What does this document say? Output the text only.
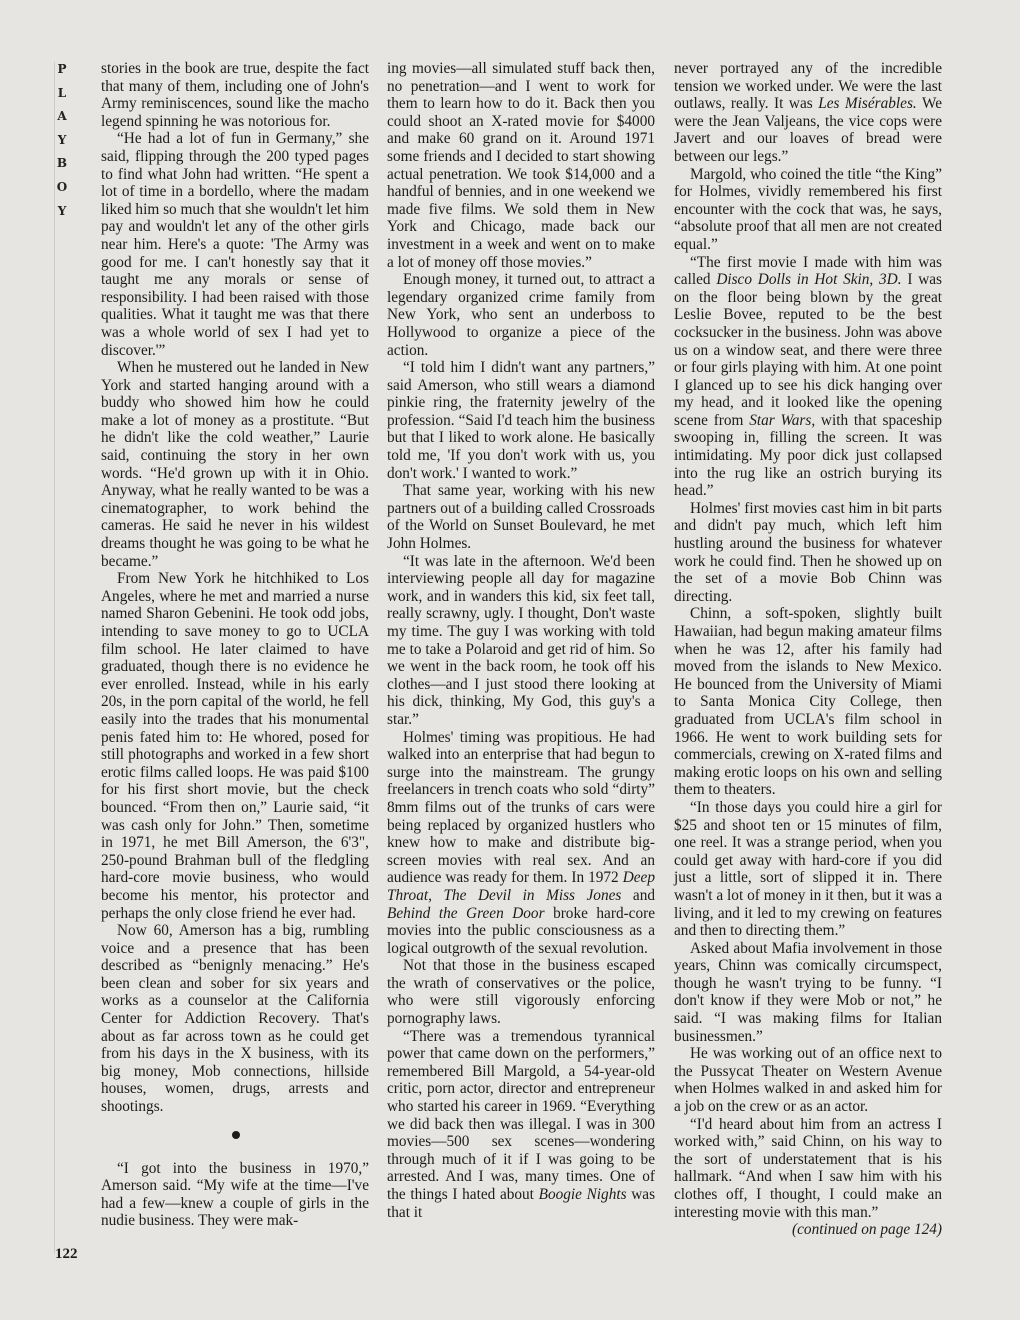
P
L
A
Y
B
O
Y

stories in the book are true, despite the fact that many of them, including one of John's Army reminiscences, sound like the macho legend spinning he was notorious for.

“He had a lot of fun in Germany,” she said, flipping through the 200 typed pages to find what John had written. “He spent a lot of time in a bordello, where the madam liked him so much that she wouldn't let him pay and wouldn't let any of the other girls near him. Here's a quote: 'The Army was good for me. I can't honestly say that it taught me any morals or sense of responsibility. I had been raised with those qualities. What it taught me was that there was a whole world of sex I had yet to discover.'”

When he mustered out he landed in New York and started hanging around with a buddy who showed him how he could make a lot of money as a prostitute. “But he didn't like the cold weather,” Laurie said, continuing the story in her own words. “He'd grown up with it in Ohio. Anyway, what he really wanted to be was a cinematographer, to work behind the cameras. He said he never in his wildest dreams thought he was going to be what he became.”

From New York he hitchhiked to Los Angeles, where he met and married a nurse named Sharon Gebenini. He took odd jobs, intending to save money to go to UCLA film school. He later claimed to have graduated, though there is no evidence he ever enrolled. Instead, while in his early 20s, in the porn capital of the world, he fell easily into the trades that his monumental penis fated him to: He whored, posed for still photographs and worked in a few short erotic films called loops. He was paid $100 for his first short movie, but the check bounced. “From then on,” Laurie said, “it was cash only for John.” Then, sometime in 1971, he met Bill Amerson, the 6'3", 250-pound Brahman bull of the fledgling hard-core movie business, who would become his mentor, his protector and perhaps the only close friend he ever had.

Now 60, Amerson has a big, rumbling voice and a presence that has been described as “benignly menacing.” He's been clean and sober for six years and works as a counselor at the California Center for Addiction Recovery. That's about as far across town as he could get from his days in the X business, with its big money, Mob connections, hillside houses, women, drugs, arrests and shootings.

“I got into the business in 1970,” Amerson said. “My wife at the time—I've had a few—knew a couple of girls in the nudie business. They were mak-

ing movies—all simulated stuff back then, no penetration—and I went to work for them to learn how to do it. Back then you could shoot an X-rated movie for $4000 and make 60 grand on it. Around 1971 some friends and I decided to start showing actual penetration. We took $14,000 and a handful of bennies, and in one weekend we made five films. We sold them in New York and Chicago, made back our investment in a week and went on to make a lot of money off those movies.”

Enough money, it turned out, to attract a legendary organized crime family from New York, who sent an underboss to Hollywood to organize a piece of the action.

“I told him I didn't want any partners,” said Amerson, who still wears a diamond pinkie ring, the fraternity jewelry of the profession. “Said I'd teach him the business but that I liked to work alone. He basically told me, 'If you don't work with us, you don't work.' I wanted to work.”

That same year, working with his new partners out of a building called Crossroads of the World on Sunset Boulevard, he met John Holmes.

“It was late in the afternoon. We'd been interviewing people all day for magazine work, and in wanders this kid, six feet tall, really scrawny, ugly. I thought, Don't waste my time. The guy I was working with told me to take a Polaroid and get rid of him. So we went in the back room, he took off his clothes—and I just stood there looking at his dick, thinking, My God, this guy's a star.”

Holmes' timing was propitious. He had walked into an enterprise that had begun to surge into the mainstream. The grungy freelancers in trench coats who sold “dirty” 8mm films out of the trunks of cars were being replaced by organized hustlers who knew how to make and distribute big-screen movies with real sex. And an audience was ready for them. In 1972 Deep Throat, The Devil in Miss Jones and Behind the Green Door broke hard-core movies into the public consciousness as a logical outgrowth of the sexual revolution.

Not that those in the business escaped the wrath of conservatives or the police, who were still vigorously enforcing pornography laws.

“There was a tremendous tyrannical power that came down on the performers,” remembered Bill Margold, a 54-year-old critic, porn actor, director and entrepreneur who started his career in 1969. “Everything we did back then was illegal. I was in 300 movies—500 sex scenes—wondering through much of it if I was going to be arrested. And I was, many times. One of the things I hated about Boogie Nights was that it

never portrayed any of the incredible tension we worked under. We were the last outlaws, really. It was Les Misérables. We were the Jean Valjeans, the vice cops were Javert and our loaves of bread were between our legs.”

Margold, who coined the title “the King” for Holmes, vividly remembered his first encounter with the cock that was, he says, “absolute proof that all men are not created equal.”

“The first movie I made with him was called Disco Dolls in Hot Skin, 3D. I was on the floor being blown by the great Leslie Bovee, reputed to be the best cocksucker in the business. John was above us on a window seat, and there were three or four girls playing with him. At one point I glanced up to see his dick hanging over my head, and it looked like the opening scene from Star Wars, with that spaceship swooping in, filling the screen. It was intimidating. My poor dick just collapsed into the rug like an ostrich burying its head.”

Holmes' first movies cast him in bit parts and didn't pay much, which left him hustling around the business for whatever work he could find. Then he showed up on the set of a movie Bob Chinn was directing.

Chinn, a soft-spoken, slightly built Hawaiian, had begun making amateur films when he was 12, after his family had moved from the islands to New Mexico. He bounced from the University of Miami to Santa Monica City College, then graduated from UCLA's film school in 1966. He went to work building sets for commercials, crewing on X-rated films and making erotic loops on his own and selling them to theaters.

“In those days you could hire a girl for $25 and shoot ten or 15 minutes of film, one reel. It was a strange period, when you could get away with hard-core if you did just a little, sort of slipped it in. There wasn't a lot of money in it then, but it was a living, and it led to my crewing on features and then to directing them.”

Asked about Mafia involvement in those years, Chinn was comically circumspect, though he wasn't trying to be funny. “I don't know if they were Mob or not,” he said. “I was making films for Italian businessmen.”

He was working out of an office next to the Pussycat Theater on Western Avenue when Holmes walked in and asked him for a job on the crew or as an actor.

“I'd heard about him from an actress I worked with,” said Chinn, on his way to the sort of understatement that is his hallmark. “And when I saw him with his clothes off, I thought, I could make an interesting movie with this man.”

(continued on page 124)

122
